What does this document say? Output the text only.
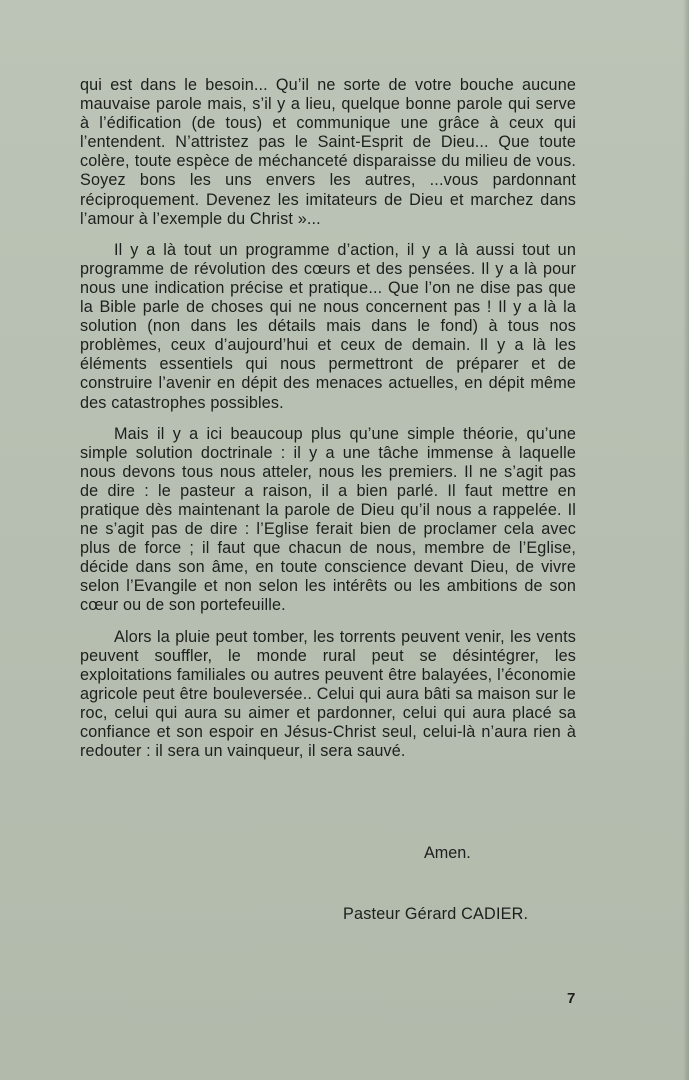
qui est dans le besoin... Qu’il ne sorte de votre bouche aucune mauvaise parole mais, s’il y a lieu, quelque bonne parole qui serve à l’édification (de tous) et communique une grâce à ceux qui l’entendent. N’attristez pas le Saint-Esprit de Dieu... Que toute colère, toute espèce de méchanceté disparaisse du milieu de vous. Soyez bons les uns envers les autres, ...vous pardonnant réciproquement. Devenez les imitateurs de Dieu et marchez dans l’amour à l’exemple du Christ »...

Il y a là tout un programme d’action, il y a là aussi tout un programme de révolution des cœurs et des pensées. Il y a là pour nous une indication précise et pratique... Que l’on ne dise pas que la Bible parle de choses qui ne nous concernent pas ! Il y a là la solution (non dans les détails mais dans le fond) à tous nos problèmes, ceux d’aujourd’hui et ceux de demain. Il y a là les éléments essentiels qui nous permettront de préparer et de construire l’avenir en dépit des menaces actuelles, en dépit même des catastrophes possibles.

Mais il y a ici beaucoup plus qu’une simple théorie, qu’une simple solution doctrinale : il y a une tâche immense à laquelle nous devons tous nous atteler, nous les premiers. Il ne s’agit pas de dire : le pasteur a raison, il a bien parlé. Il faut mettre en pratique dès maintenant la parole de Dieu qu’il nous a rappelée. Il ne s’agit pas de dire : l’Eglise ferait bien de proclamer cela avec plus de force ; il faut que chacun de nous, membre de l’Eglise, décide dans son âme, en toute conscience devant Dieu, de vivre selon l’Evangile et non selon les intérêts ou les ambitions de son cœur ou de son portefeuille.

Alors la pluie peut tomber, les torrents peuvent venir, les vents peuvent souffler, le monde rural peut se désintégrer, les exploitations familiales ou autres peuvent être balayées, l’économie agricole peut être bouleversée.. Celui qui aura bâti sa maison sur le roc, celui qui aura su aimer et pardonner, celui qui aura placé sa confiance et son espoir en Jésus-Christ seul, celui-là n’aura rien à redouter : il sera un vainqueur, il sera sauvé.

Amen.
Pasteur Gérard CADIER.
7
